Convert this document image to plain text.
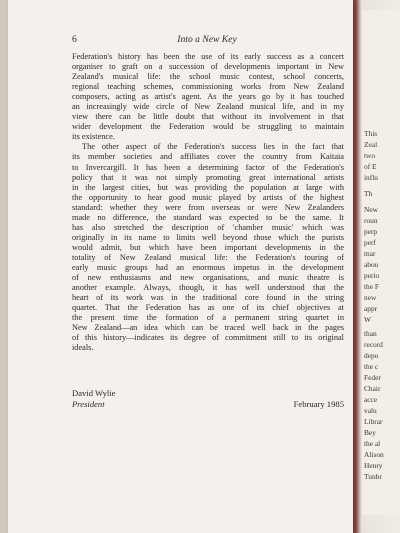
This
Zeal
two
of E
influ
Th
New
roun
perp
perf
mar
abou
perio
the F
new
appr
W
than
record
depo
the c
Feder
Chair
acce
valu
Librar
Bey
the al
Alison
Henry
Tunbr
6	Into a New Key
Federation's history has been the use of its early success as a concert
organiser to graft on a succession of developments important in New
Zealand's musical life: the school music contest, school concerts,
regional teaching schemes, commissioning works from New Zealand
composers, acting as artist's agent. As the years go by it has touched
an increasingly wide circle of New Zealand musical life, and in my
view there can be little doubt that without its involvement in that
wider development the Federation would be struggling to maintain
its existence.
The other aspect of the Federation's success lies in the fact that
its member societies and affiliates cover the country from Kaitaia
to Invercargill. It has been a determining factor of the Federation's
policy that it was not simply promoting great international artists
in the largest cities, but was providing the population at large with
the opportunity to hear good music played by artists of the highest
standard: whether they were from overseas or were New Zealanders
made no difference, the standard was expected to be the same. It
has also stretched the description of 'chamber music' which was
originally in its name to limits well beyond those which the purists
would admit, but which have been important developments in the
totality of New Zealand musical life: the Federation's touring of
early music groups had an enormous impetus in the development
of new enthusiasms and new organisations, and music theatre is
another example. Always, though, it has well understood that the
heart of its work was in the traditional core found in the string
quartet. That the Federation has as one of its chief objectives at
the present time the formation of a permanent string quartet in
New Zealand—an idea which can be traced well back in the pages
of this history—indicates its degree of commitment still to its original
ideals.
David Wylie
President	February 1985
